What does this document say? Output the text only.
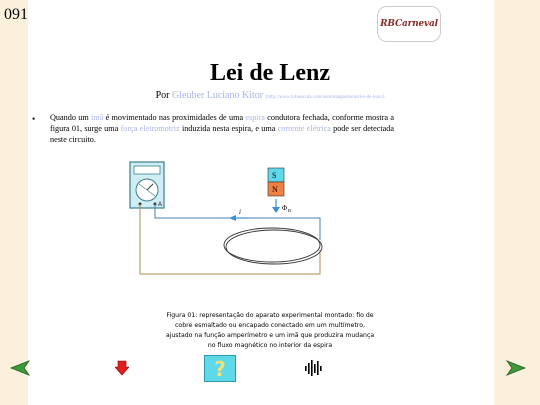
091
RBCarneval
Lei de Lenz
Por Gleuber Luciano Kitor (http://www.infoescola.com/eletromagnetismo/lei-de-lenz/)
• Quando um ímã é movimentado nas proximidades de uma espira condutora fechada, conforme mostra a figura 01, surge uma força eletromotriz induzida nesta espira, e uma corrente elétrica pode ser detectada neste circuito.
A
S
N
Φ B
i
Figura 01: representação do aparato experimental montado: fio de
cobre esmaltado ou encapado conectado em um multímetro,
ajustado na função amperímetro e um imã que produzira mudança
no fluxo magnético no interior da espira
?
